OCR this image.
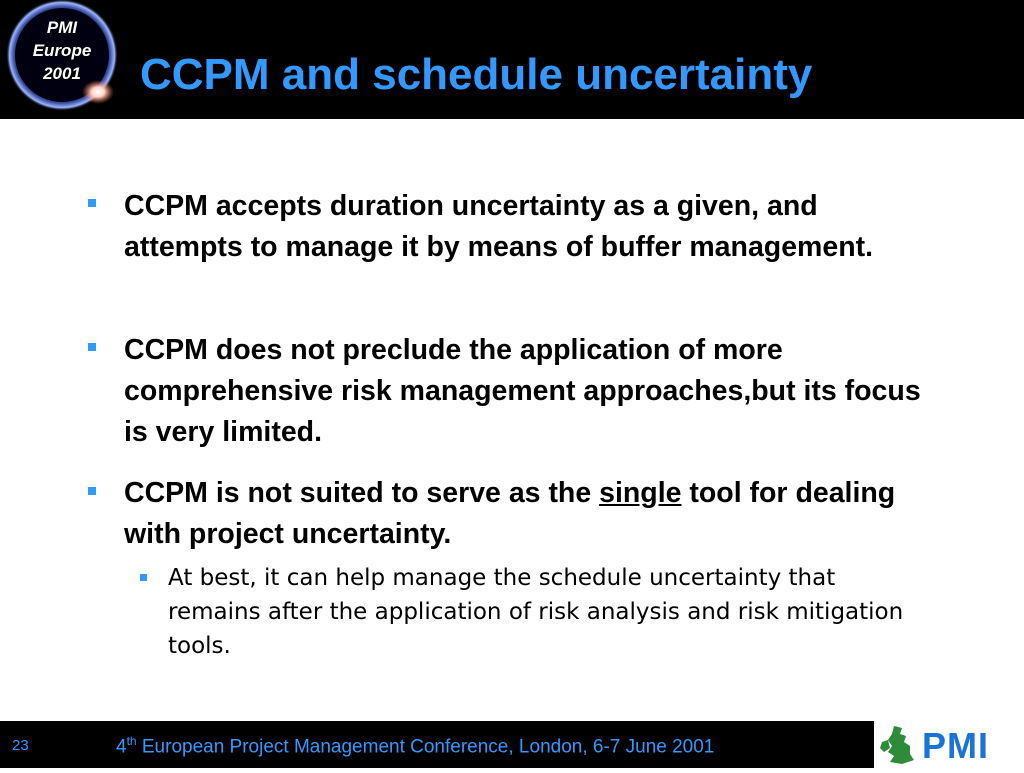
PMI
Europe
2001	CCPM and schedule uncertainty
CCPM accepts duration uncertainty as a given, and attempts to manage it by means of buffer management.
CCPM does not preclude the application of more comprehensive risk management approaches,but its focus is very limited.
CCPM is not suited to serve as the single tool for dealing with project uncertainty.
At best, it can help manage the schedule uncertainty that remains after the application of risk analysis and risk mitigation tools.
23	4th European Project Management Conference, London, 6-7 June 2001	PMI
